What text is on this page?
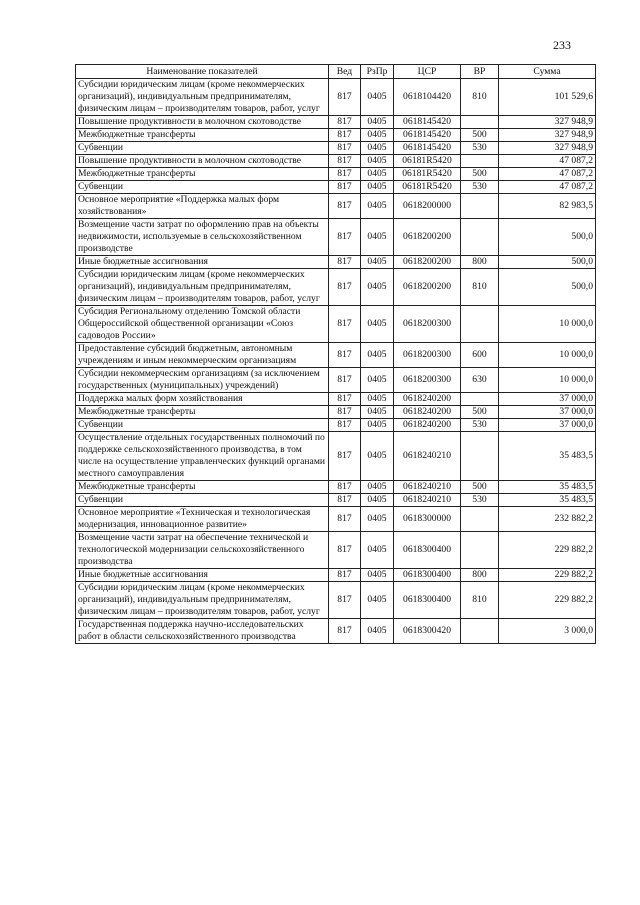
233
Наименование показателей	Вед	РзПр	ЦСР	ВР	Сумма
Субсидии юридическим лицам (кроме некоммерческих организаций), индивидуальным предпринимателям, физическим лицам – производителям товаров, работ, услуг	817	0405	0618104420	810	101 529,6
Повышение продуктивности в молочном скотоводстве	817	0405	0618145420		327 948,9
Межбюджетные трансферты	817	0405	0618145420	500	327 948,9
Субвенции	817	0405	0618145420	530	327 948,9
Повышение продуктивности в молочном скотоводстве	817	0405	06181R5420		47 087,2
Межбюджетные трансферты	817	0405	06181R5420	500	47 087,2
Субвенции	817	0405	06181R5420	530	47 087,2
Основное мероприятие «Поддержка малых форм хозяйствования»	817	0405	0618200000		82 983,5
Возмещение части затрат по оформлению прав на объекты недвижимости, используемые в сельскохозяйственном производстве	817	0405	0618200200		500,0
Иные бюджетные ассигнования	817	0405	0618200200	800	500,0
Субсидии юридическим лицам (кроме некоммерческих организаций), индивидуальным предпринимателям, физическим лицам – производителям товаров, работ, услуг	817	0405	0618200200	810	500,0
Субсидия Региональному отделению Томской области Общероссийской общественной организации «Союз садоводов России»	817	0405	0618200300		10 000,0
Предоставление субсидий бюджетным, автономным учреждениям и иным некоммерческим организациям	817	0405	0618200300	600	10 000,0
Субсидии некоммерческим организациям (за исключением государственных (муниципальных) учреждений)	817	0405	0618200300	630	10 000,0
Поддержка малых форм хозяйствования	817	0405	0618240200		37 000,0
Межбюджетные трансферты	817	0405	0618240200	500	37 000,0
Субвенции	817	0405	0618240200	530	37 000,0
Осуществление отдельных государственных полномочий по поддержке сельскохозяйственного производства, в том числе на осуществление управленческих функций органами местного самоуправления	817	0405	0618240210		35 483,5
Межбюджетные трансферты	817	0405	0618240210	500	35 483,5
Субвенции	817	0405	0618240210	530	35 483,5
Основное мероприятие «Техническая и технологическая модернизация, инновационное развитие»	817	0405	0618300000		232 882,2
Возмещение части затрат на обеспечение технической и технологической модернизации сельскохозяйственного производства	817	0405	0618300400		229 882,2
Иные бюджетные ассигнования	817	0405	0618300400	800	229 882,2
Субсидии юридическим лицам (кроме некоммерческих организаций), индивидуальным предпринимателям, физическим лицам – производителям товаров, работ, услуг	817	0405	0618300400	810	229 882,2
Государственная поддержка научно-исследовательских работ в области сельскохозяйственного производства	817	0405	0618300420		3 000,0
